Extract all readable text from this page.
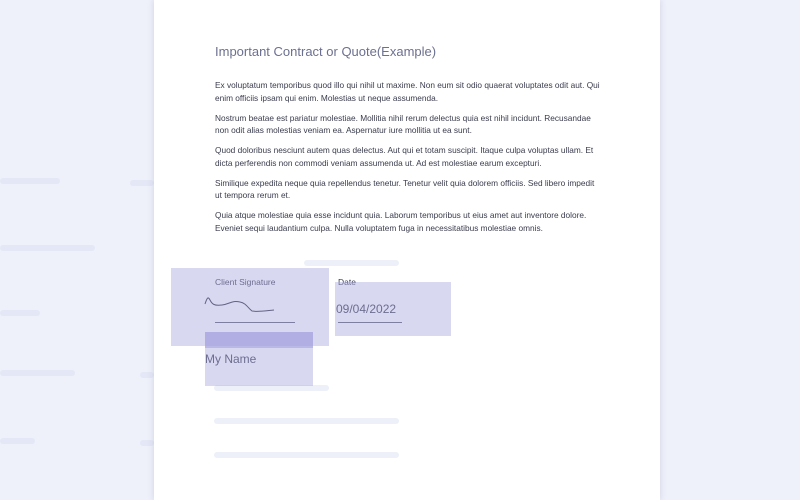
Important Contract or Quote(Example)

Ex voluptatum temporibus quod illo qui nihil ut maxime. Non eum sit odio quaerat voluptates odit aut. Qui enim officiis ipsam qui enim. Molestias ut neque assumenda.

Nostrum beatae est pariatur molestiae. Mollitia nihil rerum delectus quia est nihil incidunt. Recusandae non odit alias molestias veniam ea. Aspernatur iure mollitia ut ea sunt.

Quod doloribus nesciunt autem quas delectus. Aut qui et totam suscipit. Itaque culpa voluptas ullam. Et dicta perferendis non commodi veniam assumenda ut. Ad est molestiae earum excepturi.

Similique expedita neque quia repellendus tenetur. Tenetur velit quia dolorem officiis. Sed libero impedit ut tempora rerum et.

Quia atque molestiae quia esse incidunt quia. Laborum temporibus ut eius amet aut inventore dolore. Eveniet sequi laudantium culpa. Nulla voluptatem fuga in necessitatibus molestiae omnis.

Client Signature	Date
09/04/2022
My Name
